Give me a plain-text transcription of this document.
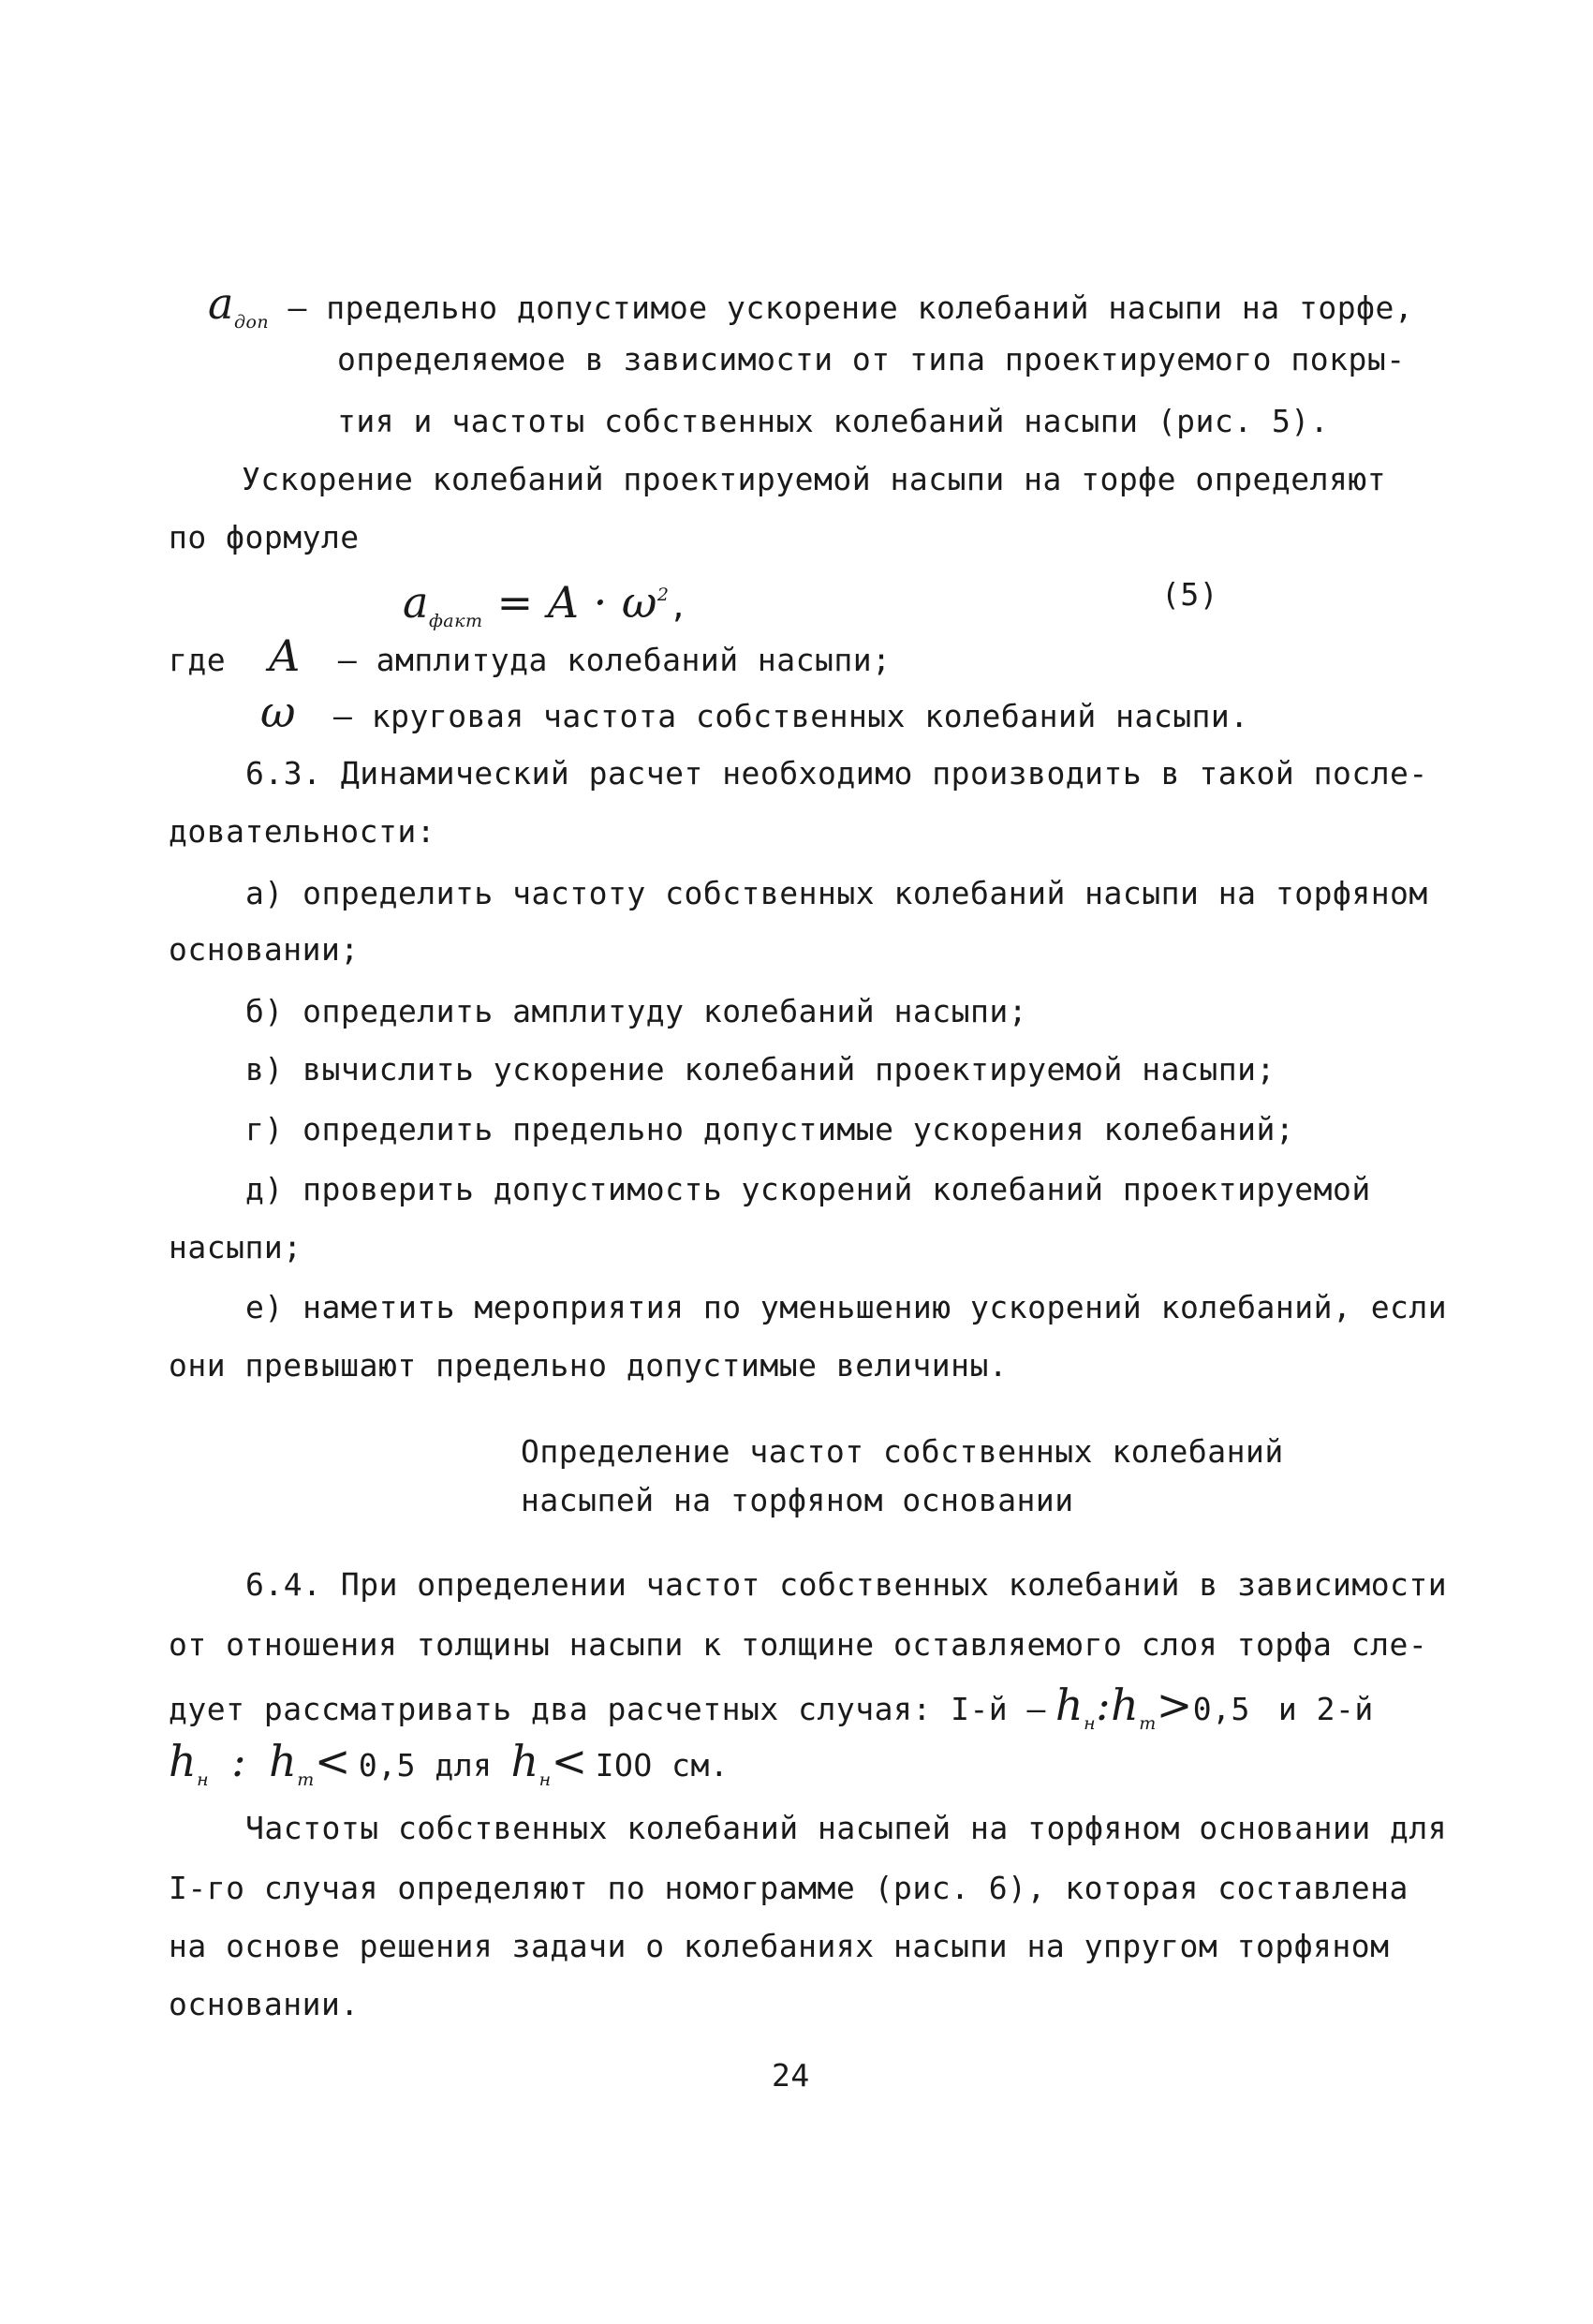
$a_{доп}$ – предельно допустимое ускорение колебаний насыпи на торфе,
определяемое в зависимости от типа проектируемого покры-
тия и частоты собственных колебаний насыпи (рис. 5).
Ускорение колебаний проектируемой насыпи на торфе определяют
по формуле
$a_{факт} = A \cdot \omega^2$,	(5)
где A – амплитуда колебаний насыпи;
ω – круговая частота собственных колебаний насыпи.
6.3. Динамический расчет необходимо производить в такой после-
довательности:
а) определить частоту собственных колебаний насыпи на торфяном
основании;
б) определить амплитуду колебаний насыпи;
в) вычислить ускорение колебаний проектируемой насыпи;
г) определить предельно допустимые ускорения колебаний;
д) проверить допустимость ускорений колебаний проектируемой
насыпи;
е) наметить мероприятия по уменьшению ускорений колебаний, если
они превышают предельно допустимые величины.
Определение частот собственных колебаний
насыпей на торфяном основании
6.4. При определении частот собственных колебаний в зависимости
от отношения толщины насыпи к толщине оставляемого слоя торфа сле-
дует рассматривать два расчетных случая: $I-й - h_н:h_т>0,5$ и 2-й
$h_н$ : $h_т< 0,5$ для $h_н<$ IOO см.
Частоты собственных колебаний насыпей на торфяном основании для
I-го случая определяют по номограмме (рис. 6), которая составлена
на основе решения задачи о колебаниях насыпи на упругом торфяном
основании.
24
